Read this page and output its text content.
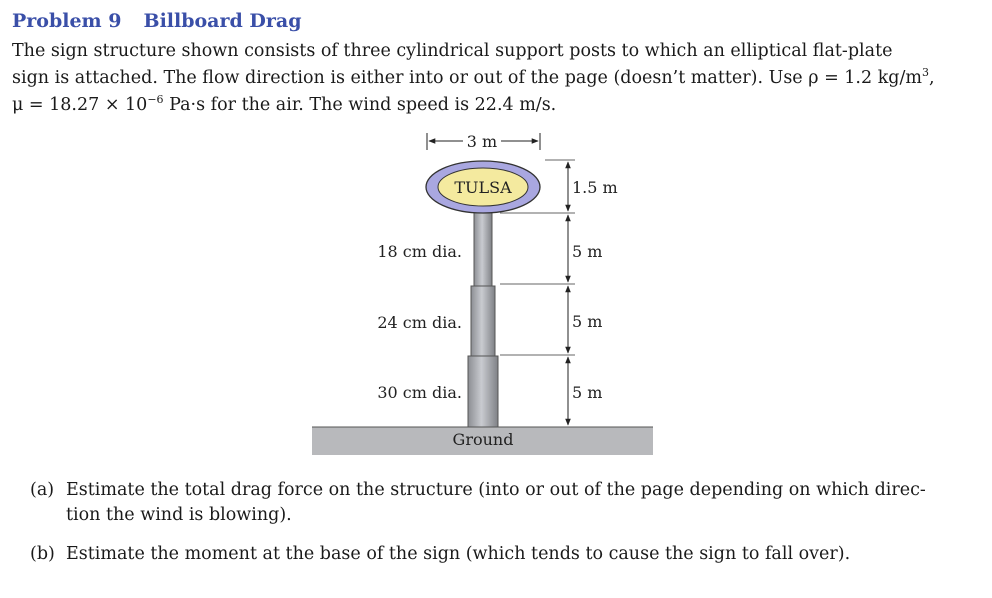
Problem 9 Billboard Drag

The sign structure shown consists of three cylindrical support posts to which an elliptical flat-plate

sign is attached. The flow direction is either into or out of the page (doesn’t matter). Use ρ = 1.2 $kg/m^3$,

$\mu = 18.27 \times 10^{-6}$ Pa·s for the air. The wind speed is 22.4 m/s.

3 m
TULSA	1.5 m
5 m
5 m
5 m
18 cm dia.
24 cm dia.
30 cm dia.
Ground
(a) Estimate the total drag force on the structure (into or out of the page depending on which direc-
tion the wind is blowing).
(b) Estimate the moment at the base of the sign (which tends to cause the sign to fall over).
